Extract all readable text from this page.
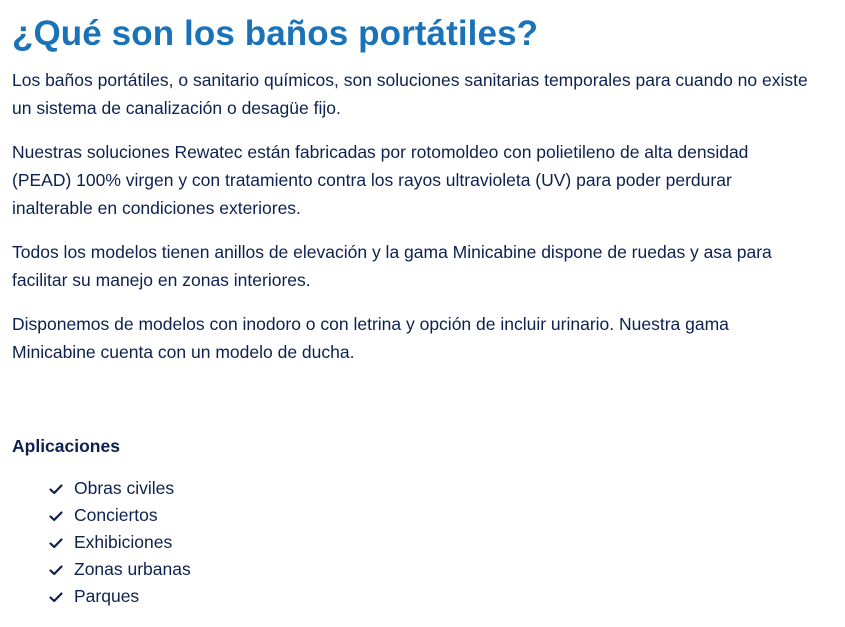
¿Qué son los baños portátiles?

Los baños portátiles, o sanitario químicos, son soluciones sanitarias temporales para cuando no existe un sistema de canalización o desagüe fijo.

Nuestras soluciones Rewatec están fabricadas por rotomoldeo con polietileno de alta densidad (PEAD) 100% virgen y con tratamiento contra los rayos ultravioleta (UV) para poder perdurar inalterable en condiciones exteriores.

Todos los modelos tienen anillos de elevación y la gama Minicabine dispone de ruedas y asa para facilitar su manejo en zonas interiores.

Disponemos de modelos con inodoro o con letrina y opción de incluir urinario. Nuestra gama Minicabine cuenta con un modelo de ducha.

Aplicaciones
Obras civiles
Conciertos
Exhibiciones
Zonas urbanas
Parques
